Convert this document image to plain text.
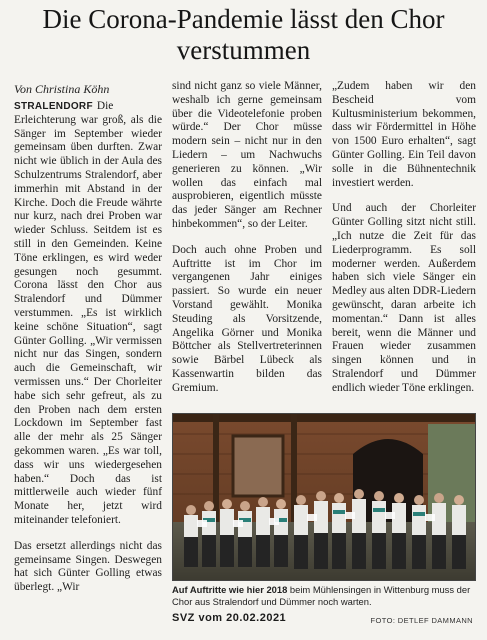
Die Corona-Pandemie lässt den Chor verstummen
Von Christina Köhn

STRALENDORF Die Erleichterung war groß, als die Sänger im September wieder gemeinsam üben durften. Zwar nicht wie üblich in der Aula des Schulzentrums Stralendorf, aber immerhin mit Abstand in der Kirche. Doch die Freude währte nur kurz, nach drei Proben war wieder Schluss. Seitdem ist es still in den Gemeinden. Keine Töne erklingen, es wird weder gesungen noch gesummt. Corona lässt den Chor aus Stralendorf und Dümmer verstummen. „Es ist wirklich keine schöne Situation“, sagt Günter Golling. „Wir vermissen nicht nur das Singen, sondern auch die Gemeinschaft, wir vermissen uns.“ Der Chorleiter habe sich sehr gefreut, als zu den Proben nach dem ersten Lockdown im September fast alle der mehr als 25 Sänger gekommen waren. „Es war toll, dass wir uns wiedergesehen haben.“ Doch das ist mittlerweile auch wieder fünf Monate her, jetzt wird miteinander telefoniert.

Das ersetzt allerdings nicht das gemeinsame Singen. Deswegen hat sich Günter Golling etwas überlegt. „Wir

sind nicht ganz so viele Männer, weshalb ich gerne gemeinsam über die Videotelefonie proben würde.“ Der Chor müsse modern sein – nicht nur in den Liedern – um Nachwuchs generieren zu können. „Wir wollen das einfach mal ausprobieren, eigentlich müsste das jeder Sänger am Rechner hinbekommen“, so der Leiter.

Doch auch ohne Proben und Auftritte ist im Chor im vergangenen Jahr einiges passiert. So wurde ein neuer Vorstand gewählt. Monika Steuding als Vorsitzende, Angelika Görner und Monika Böttcher als Stellvertreterinnen sowie Bärbel Lübeck als Kassenwartin bilden das Gremium.

„Zudem haben wir den Bescheid vom Kultusministerium bekommen, dass wir Fördermittel in Höhe von 1500 Euro erhalten“, sagt Günter Golling. Ein Teil davon solle in die Bühnentechnik investiert werden.

Und auch der Chorleiter Günter Golling sitzt nicht still. „Ich nutze die Zeit für das Liederprogramm. Es soll moderner werden. Außerdem haben sich viele Sänger ein Medley aus alten DDR-Liedern gewünscht, daran arbeite ich momentan.“ Dann ist alles bereit, wenn die Männer und Frauen wieder zusammen singen können und in Stralendorf und Dümmer endlich wieder Töne erklingen.

Auf Auftritte wie hier 2018 beim Mühlensingen in Wittenburg muss der Chor aus Stralendorf und Dümmer noch warten.
SVZ vom 20.02.2021	FOTO: DETLEF DAMMANN
